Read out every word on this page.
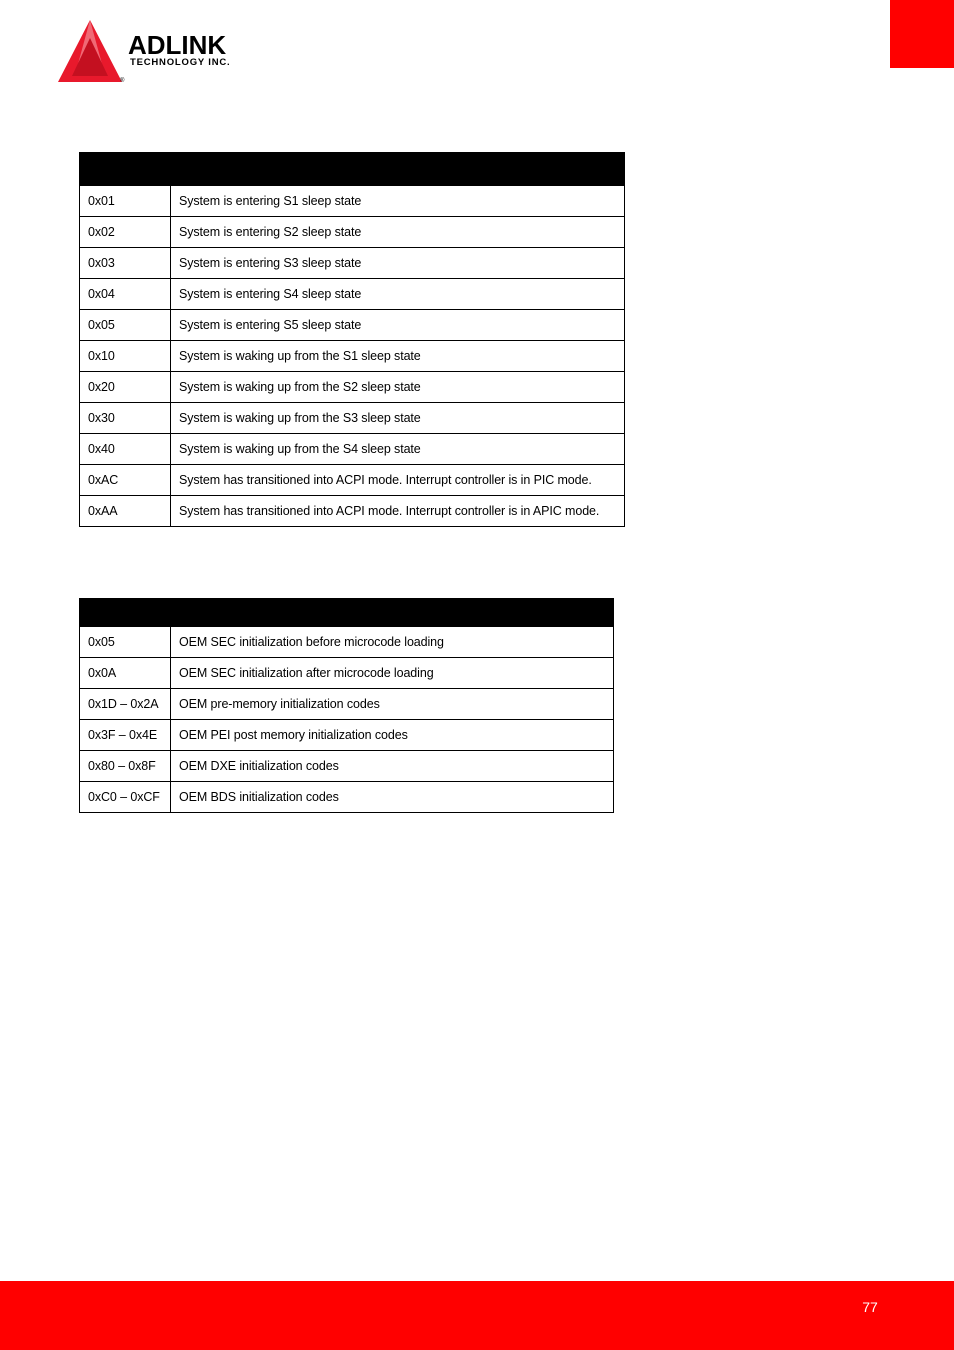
ADLINK
TECHNOLOGY INC.
®

0x01	System is entering S1 sleep state
0x02	System is entering S2 sleep state
0x03	System is entering S3 sleep state
0x04	System is entering S4 sleep state
0x05	System is entering S5 sleep state
0x10	System is waking up from the S1 sleep state
0x20	System is waking up from the S2 sleep state
0x30	System is waking up from the S3 sleep state
0x40	System is waking up from the S4 sleep state
0xAC	System has transitioned into ACPI mode. Interrupt controller is in PIC mode.
0xAA	System has transitioned into ACPI mode. Interrupt controller is in APIC mode.

0x05	OEM SEC initialization before microcode loading
0x0A	OEM SEC initialization after microcode loading
0x1D – 0x2A	OEM pre-memory initialization codes
0x3F – 0x4E	OEM PEI post memory initialization codes
0x80 – 0x8F	OEM DXE initialization codes
0xC0 – 0xCF	OEM BDS initialization codes
77
